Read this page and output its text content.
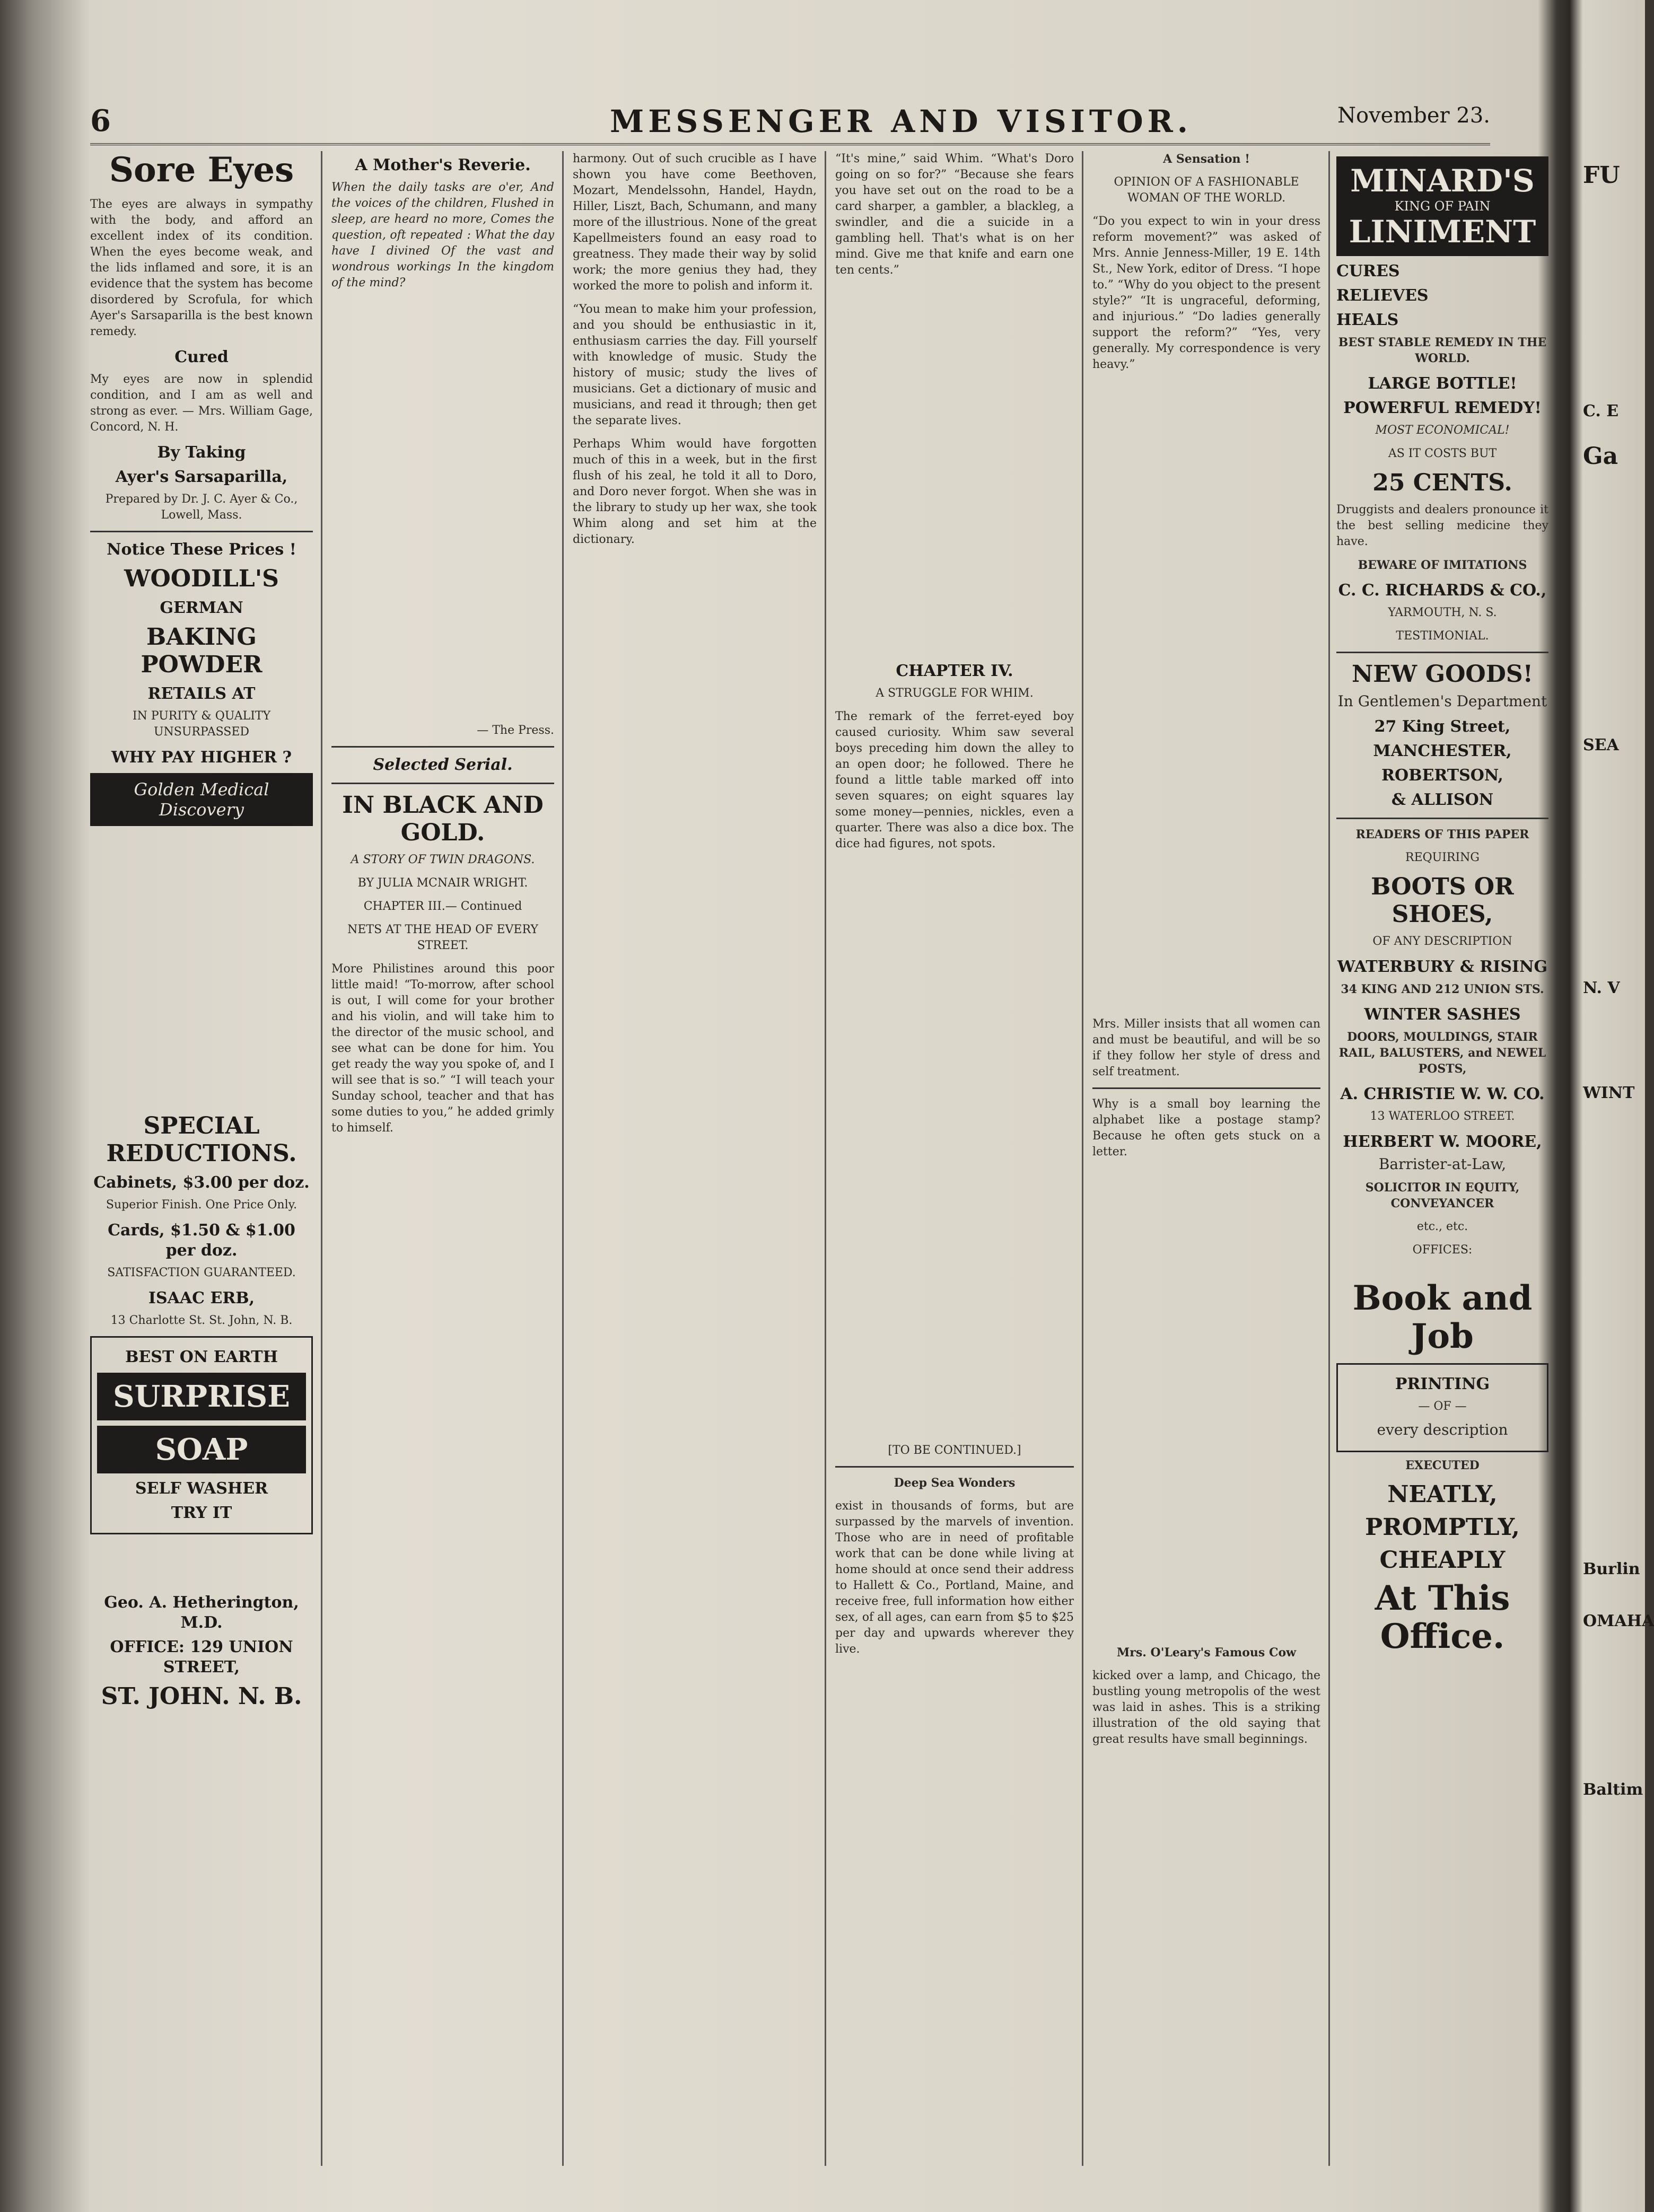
6	MESSENGER AND VISITOR.	November 23.
Sore Eyes

The eyes are always in sympathy with the body, and afford an excellent index of its condition. When the eyes become weak, and the lids inflamed and sore, it is an evidence that the system has become disordered by Scrofula, for which Ayer's Sarsaparilla is the best known remedy.

Cured

My eyes are now in splendid condition, and I am as well and strong as ever. — Mrs. William Gage, Concord, N. H.

By Taking
Ayer's Sarsaparilla,

Prepared by Dr. J. C. Ayer & Co., Lowell, Mass.

Notice These Prices !
WOODILL'S
GERMAN
BAKING POWDER
RETAILS AT
IN PURITY & QUALITY UNSURPASSED
WHY PAY HIGHER ?
Golden Medical Discovery
SPECIAL REDUCTIONS.
Cabinets, $3.00 per doz.
Superior Finish. One Price Only.
Cards, $1.50 & $1.00 per doz.
SATISFACTION GUARANTEED.
ISAAC ERB,
13 Charlotte St. St. John, N. B.
BEST ON EARTH
SURPRISE
SOAP
SELF WASHER
TRY IT
Geo. A. Hetherington, M.D.
OFFICE: 129 UNION STREET,
ST. JOHN. N. B.
A Mother's Reverie.

When the daily tasks are o'er, And the voices of the children, Flushed in sleep, are heard no more, Comes the question, oft repeated : What the day have I divined Of the vast and wondrous workings In the kingdom of the mind?

— The Press.

Selected Serial.
IN BLACK AND GOLD.
A STORY OF TWIN DRAGONS.
BY JULIA MCNAIR WRIGHT.
CHAPTER III.— Continued
NETS AT THE HEAD OF EVERY STREET.

More Philistines around this poor little maid! “To-morrow, after school is out, I will come for your brother and his violin, and will take him to the director of the music school, and see what can be done for him. You get ready the way you spoke of, and I will see that is so.” “I will teach your Sunday school, teacher and that has some duties to you,” he added grimly to himself.

harmony. Out of such crucible as I have shown you have come Beethoven, Mozart, Mendelssohn, Handel, Haydn, Hiller, Liszt, Bach, Schumann, and many more of the illustrious. None of the great Kapellmeisters found an easy road to greatness. They made their way by solid work; the more genius they had, they worked the more to polish and inform it.

“You mean to make him your profession, and you should be enthusiastic in it, enthusiasm carries the day. Fill yourself with knowledge of music. Study the history of music; study the lives of musicians. Get a dictionary of music and musicians, and read it through; then get the separate lives.

Perhaps Whim would have forgotten much of this in a week, but in the first flush of his zeal, he told it all to Doro, and Doro never forgot. When she was in the library to study up her wax, she took Whim along and set him at the dictionary.

“It's mine,” said Whim. “What's Doro going on so for?” “Because she fears you have set out on the road to be a card sharper, a gambler, a blackleg, a swindler, and die a suicide in a gambling hell. That's what is on her mind. Give me that knife and earn one ten cents.”

CHAPTER IV.
A STRUGGLE FOR WHIM.

The remark of the ferret-eyed boy caused curiosity. Whim saw several boys preceding him down the alley to an open door; he followed. There he found a little table marked off into seven squares; on eight squares lay some money—pennies, nickles, even a quarter. There was also a dice box. The dice had figures, not spots.

[TO BE CONTINUED.]
Deep Sea Wonders

exist in thousands of forms, but are surpassed by the marvels of invention. Those who are in need of profitable work that can be done while living at home should at once send their address to Hallett & Co., Portland, Maine, and receive free, full information how either sex, of all ages, can earn from $5 to $25 per day and upwards wherever they live.

A Sensation !
OPINION OF A FASHIONABLE WOMAN OF THE WORLD.

“Do you expect to win in your dress reform movement?” was asked of Mrs. Annie Jenness-Miller, 19 E. 14th St., New York, editor of Dress. “I hope to.” “Why do you object to the present style?” “It is ungraceful, deforming, and injurious.” “Do ladies generally support the reform?” “Yes, very generally. My correspondence is very heavy.”

Mrs. Miller insists that all women can and must be beautiful, and will be so if they follow her style of dress and self treatment.

Why is a small boy learning the alphabet like a postage stamp? Because he often gets stuck on a letter.

Mrs. O'Leary's Famous Cow

kicked over a lamp, and Chicago, the bustling young metropolis of the west was laid in ashes. This is a striking illustration of the old saying that great results have small beginnings.

MINARD'S
KING OF PAIN
LINIMENT
CURES
RELIEVES
HEALS
BEST STABLE REMEDY IN THE WORLD.
LARGE BOTTLE!
POWERFUL REMEDY!
MOST ECONOMICAL!
AS IT COSTS BUT
25 CENTS.

Druggists and dealers pronounce it the best selling medicine they have.

BEWARE OF IMITATIONS
C. C. RICHARDS & CO.,
YARMOUTH, N. S.
TESTIMONIAL.
NEW GOODS!
In Gentlemen's Department
27 King Street,
MANCHESTER,
ROBERTSON,
& ALLISON
READERS OF THIS PAPER
REQUIRING
BOOTS OR SHOES,
OF ANY DESCRIPTION
WATERBURY & RISING
34 KING AND 212 UNION STS.
WINTER SASHES
DOORS, MOULDINGS, STAIR RAIL, BALUSTERS, and NEWEL POSTS,
A. CHRISTIE W. W. CO.
13 WATERLOO STREET.
HERBERT W. MOORE,
Barrister-at-Law,
SOLICITOR IN EQUITY, CONVEYANCER
etc., etc.
OFFICES:
Book and Job
PRINTING
— OF —
every description
EXECUTED
NEATLY,
PROMPTLY,
CHEAPLY
At This Office.
FU
C. E
Ga
SEA
N. V
WINT
Burlin
OMAHA
Baltim
